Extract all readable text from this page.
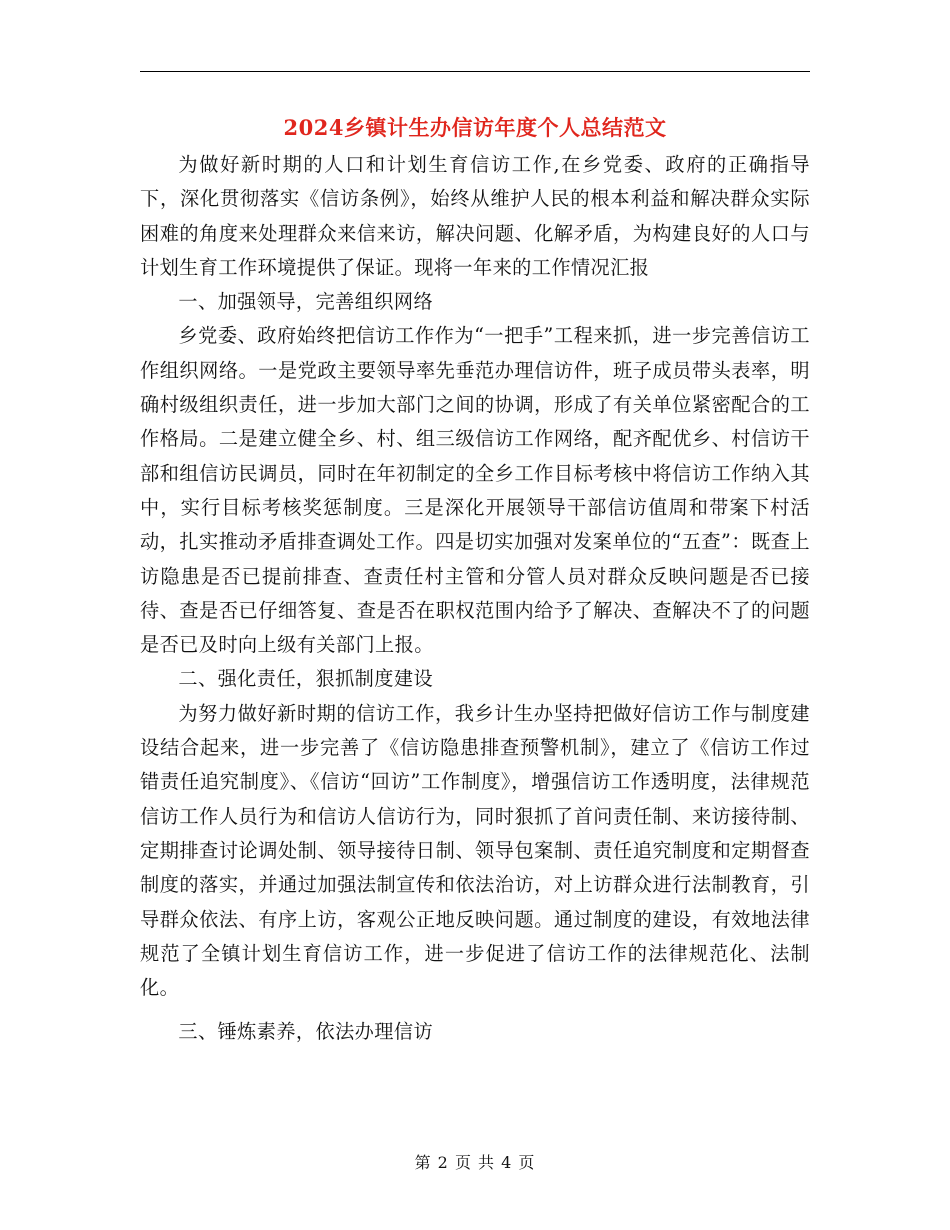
2024乡镇计生办信访年度个人总结范文

为做好新时期的人口和计划生育信访工作,在乡党委、政府的正确指导下，深化贯彻落实《信访条例》，始终从维护人民的根本利益和解决群众实际困难的角度来处理群众来信来访，解决问题、化解矛盾，为构建良好的人口与计划生育工作环境提供了保证。现将一年来的工作情况汇报

一、加强领导，完善组织网络

乡党委、政府始终把信访工作作为“一把手”工程来抓，进一步完善信访工作组织网络。一是党政主要领导率先垂范办理信访件，班子成员带头表率，明确村级组织责任，进一步加大部门之间的协调，形成了有关单位紧密配合的工作格局。二是建立健全乡、村、组三级信访工作网络，配齐配优乡、村信访干部和组信访民调员，同时在年初制定的全乡工作目标考核中将信访工作纳入其中，实行目标考核奖惩制度。三是深化开展领导干部信访值周和带案下村活动，扎实推动矛盾排查调处工作。四是切实加强对发案单位的“五查”：既查上访隐患是否已提前排查、查责任村主管和分管人员对群众反映问题是否已接待、查是否已仔细答复、查是否在职权范围内给予了解决、查解决不了的问题是否已及时向上级有关部门上报。

二、强化责任，狠抓制度建设

为努力做好新时期的信访工作，我乡计生办坚持把做好信访工作与制度建设结合起来，进一步完善了《信访隐患排查预警机制》，建立了《信访工作过错责任追究制度》、《信访“回访”工作制度》，增强信访工作透明度，法律规范信访工作人员行为和信访人信访行为，同时狠抓了首问责任制、来访接待制、定期排查讨论调处制、领导接待日制、领导包案制、责任追究制度和定期督查制度的落实，并通过加强法制宣传和依法治访，对上访群众进行法制教育，引导群众依法、有序上访，客观公正地反映问题。通过制度的建设，有效地法律规范了全镇计划生育信访工作，进一步促进了信访工作的法律规范化、法制化。

三、锤炼素养，依法办理信访

第 2 页 共 4 页
